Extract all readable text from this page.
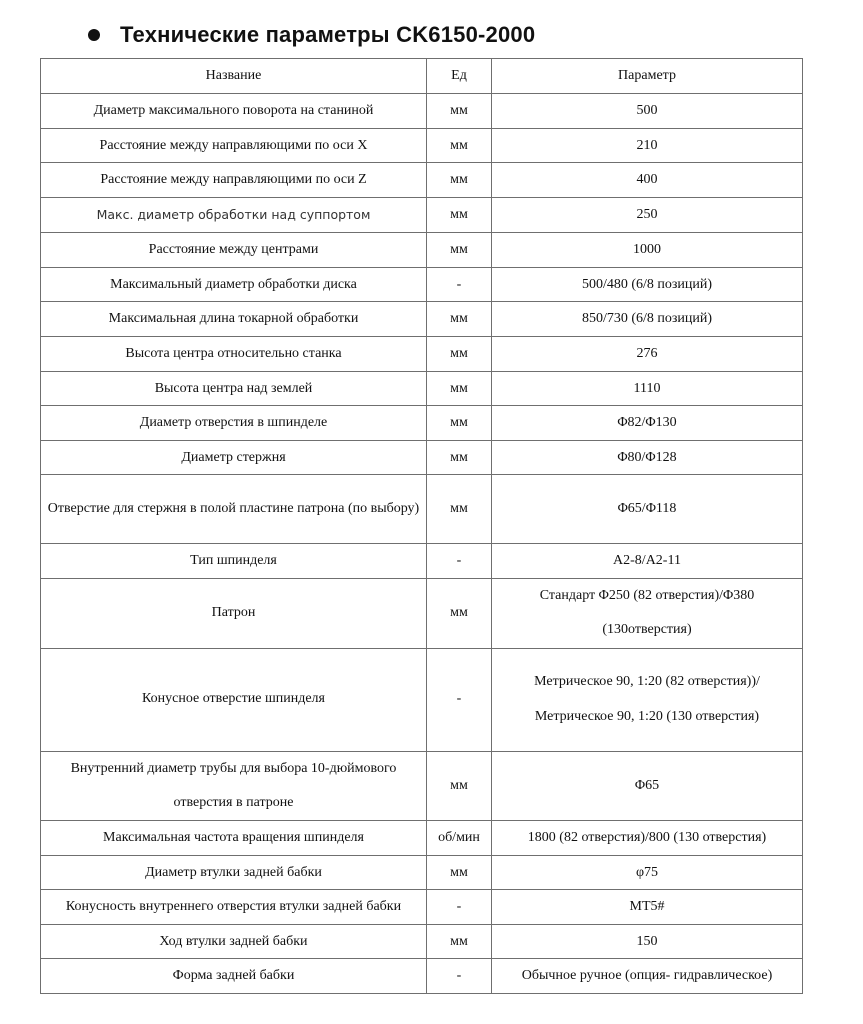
Технические параметры CK6150-2000
Название	Ед	Параметр
Диаметр максимального поворота на станиной	мм	500
Расстояние между направляющими по оси X	мм	210
Расстояние между направляющими по оси Z	мм	400
Макс. диаметр обработки над суппортом	мм	250
Расстояние между центрами	мм	1000
Максимальный диаметр обработки диска	-	500/480 (6/8 позиций)
Максимальная длина токарной обработки	мм	850/730 (6/8 позиций)
Высота центра относительно станка	мм	276
Высота центра над землей	мм	1110
Диаметр отверстия в шпинделе	мм	Φ82/Φ130
Диаметр стержня	мм	Φ80/Φ128
Отверстие для стержня в полой пластине патрона (по выбору)	мм	Φ65/Φ118
Тип шпинделя	-	A2-8/A2-11
Патрон	мм	Стандарт Φ250 (82 отверстия)/Φ380 (130отверстия)
Конусное отверстие шпинделя	-	Метрическое 90, 1:20 (82 отверстия))/Метрическое 90, 1:20 (130 отверстия)
Внутренний диаметр трубы для выбора 10-дюймового отверстия в патроне	мм	Φ65
Максимальная частота вращения шпинделя	об/мин	1800 (82 отверстия)/800 (130 отверстия)
Диаметр втулки задней бабки	мм	φ75
Конусность внутреннего отверстия втулки задней бабки	-	MT5#
Ход втулки задней бабки	мм	150
Форма задней бабки	-	Обычное ручное (опция- гидравлическое)
